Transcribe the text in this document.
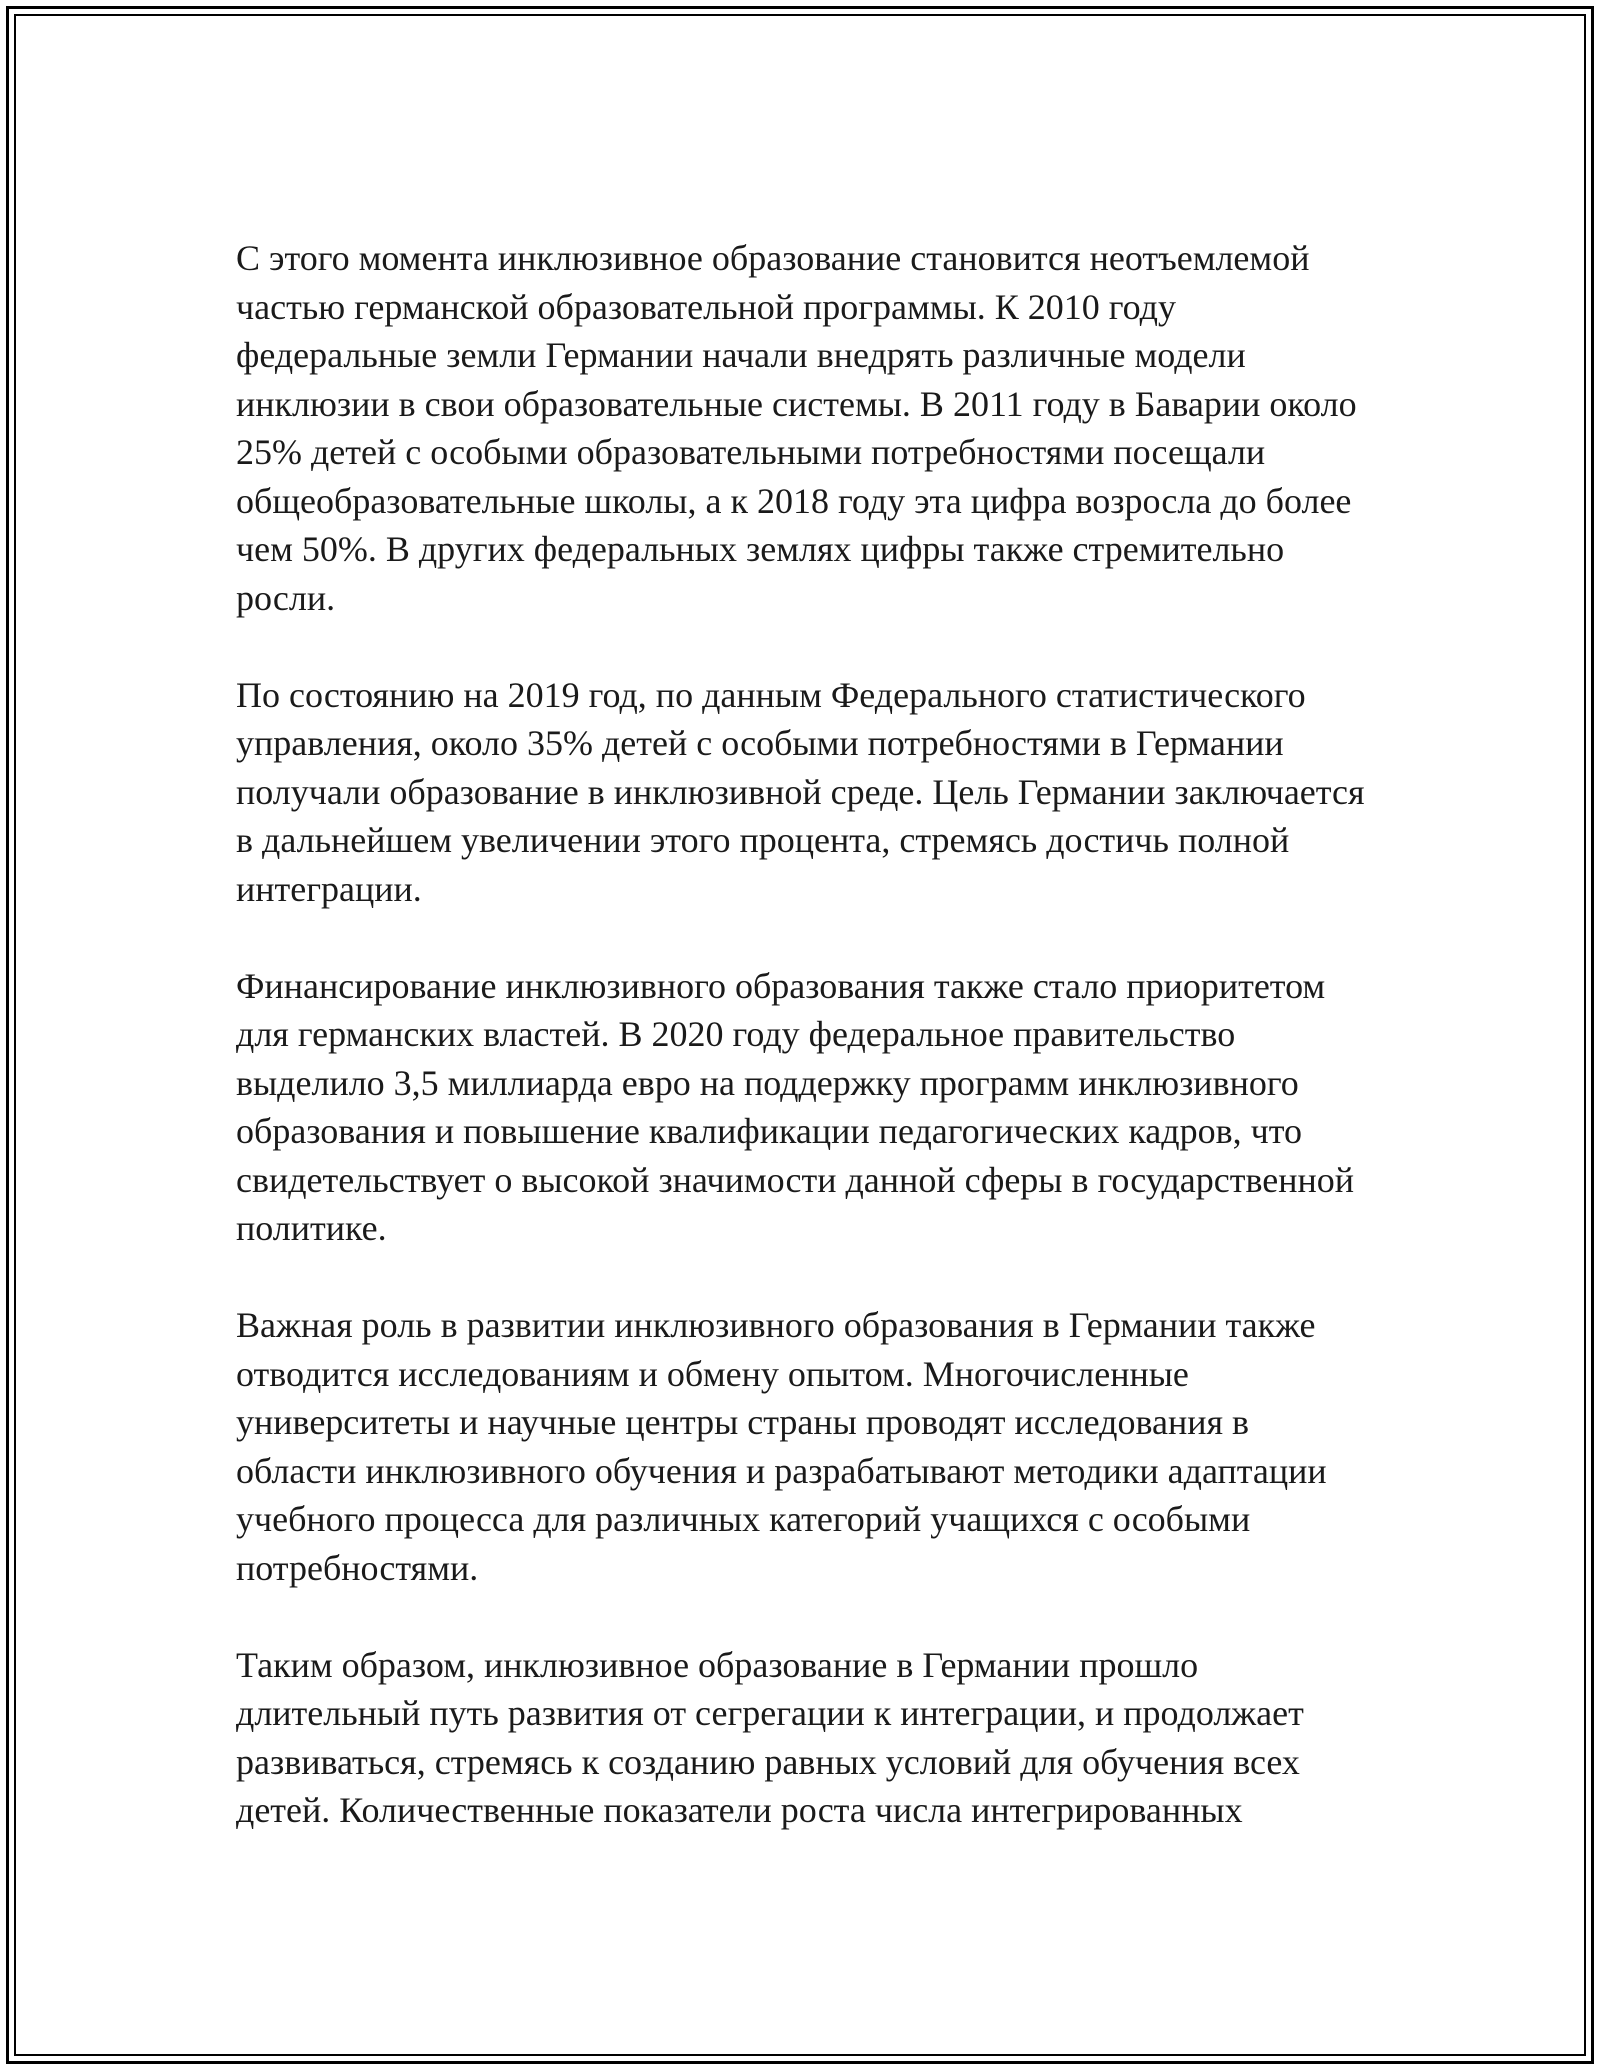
С этого момента инклюзивное образование становится неотъемлемой частью германской образовательной программы. К 2010 году федеральные земли Германии начали внедрять различные модели инклюзии в свои образовательные системы. В 2011 году в Баварии около 25% детей с особыми образовательными потребностями посещали общеобразовательные школы, а к 2018 году эта цифра возросла до более чем 50%. В других федеральных землях цифры также стремительно росли.

По состоянию на 2019 год, по данным Федерального статистического управления, около 35% детей с особыми потребностями в Германии получали образование в инклюзивной среде. Цель Германии заключается в дальнейшем увеличении этого процента, стремясь достичь полной интеграции.

Финансирование инклюзивного образования также стало приоритетом для германских властей. В 2020 году федеральное правительство выделило 3,5 миллиарда евро на поддержку программ инклюзивного образования и повышение квалификации педагогических кадров, что свидетельствует о высокой значимости данной сферы в государственной политике.

Важная роль в развитии инклюзивного образования в Германии также отводится исследованиям и обмену опытом. Многочисленные университеты и научные центры страны проводят исследования в области инклюзивного обучения и разрабатывают методики адаптации учебного процесса для различных категорий учащихся с особыми потребностями.

Таким образом, инклюзивное образование в Германии прошло длительный путь развития от сегрегации к интеграции, и продолжает развиваться, стремясь к созданию равных условий для обучения всех детей. Количественные показатели роста числа интегрированных
